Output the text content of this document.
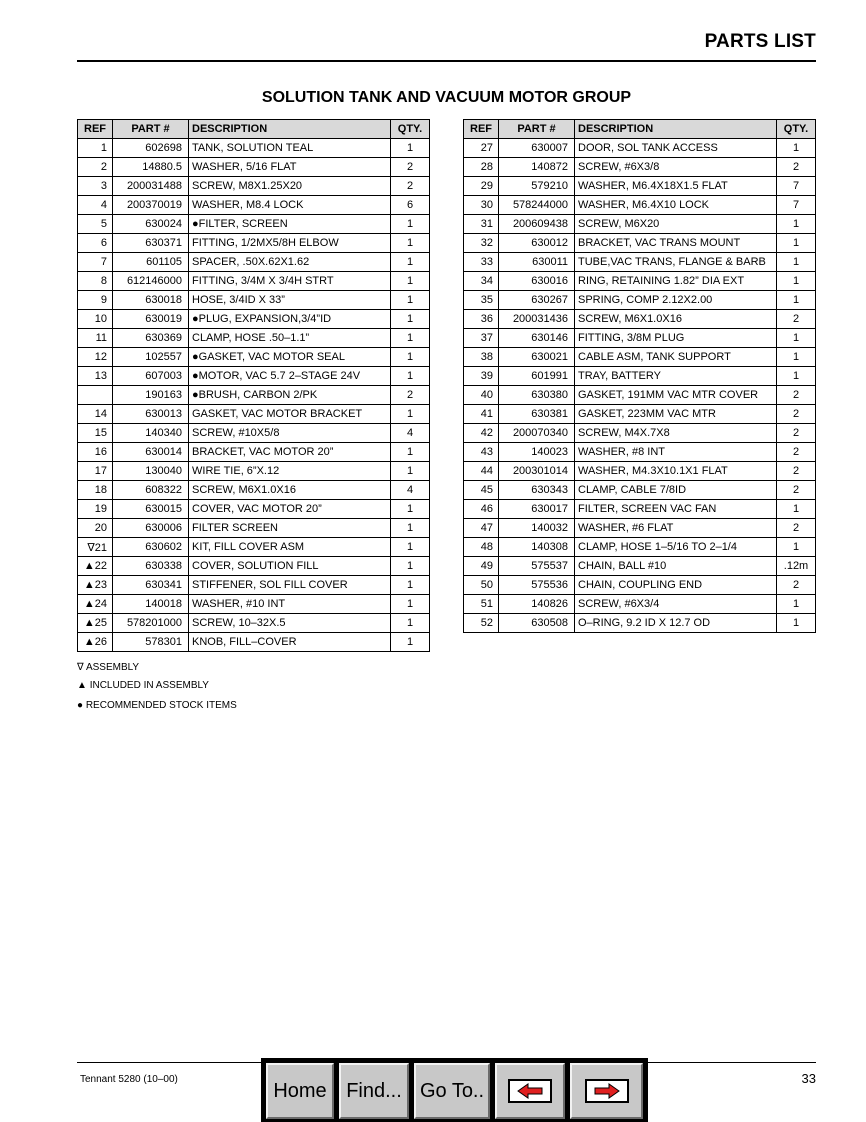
PARTS LIST
SOLUTION TANK AND VACUUM MOTOR GROUP
REF	PART #	DESCRIPTION	QTY.
1	602698	TANK, SOLUTION TEAL	1
2	14880.5	WASHER, 5/16 FLAT	2
3	200031488	SCREW, M8X1.25X20	2
4	200370019	WASHER, M8.4 LOCK	6
5	630024	●FILTER, SCREEN	1
6	630371	FITTING, 1/2MX5/8H ELBOW	1
7	601105	SPACER, .50X.62X1.62	1
8	612146000	FITTING, 3/4M X 3/4H STRT	1
9	630018	HOSE, 3/4ID X 33”	1
10	630019	●PLUG, EXPANSION,3/4”ID	1
11	630369	CLAMP, HOSE .50–1.1”	1
12	102557	●GASKET, VAC MOTOR SEAL	1
13	607003	●MOTOR, VAC 5.7 2–STAGE 24V	1
	190163	●BRUSH, CARBON 2/PK	2
14	630013	GASKET, VAC MOTOR BRACKET	1
15	140340	SCREW, #10X5/8	4
16	630014	BRACKET, VAC MOTOR 20”	1
17	130040	WIRE TIE, 6”X.12	1
18	608322	SCREW, M6X1.0X16	4
19	630015	COVER, VAC MOTOR 20”	1
20	630006	FILTER SCREEN	1
∇21	630602	KIT, FILL COVER ASM	1
▲22	630338	COVER, SOLUTION FILL	1
▲23	630341	STIFFENER, SOL FILL COVER	1
▲24	140018	WASHER, #10 INT	1
▲25	578201000	SCREW, 10–32X.5	1
▲26	578301	KNOB, FILL–COVER	1
REF	PART #	DESCRIPTION	QTY.
27	630007	DOOR, SOL TANK ACCESS	1
28	140872	SCREW, #6X3/8	2
29	579210	WASHER, M6.4X18X1.5 FLAT	7
30	578244000	WASHER, M6.4X10 LOCK	7
31	200609438	SCREW, M6X20	1
32	630012	BRACKET, VAC TRANS MOUNT	1
33	630011	TUBE,VAC TRANS, FLANGE & BARB	1
34	630016	RING, RETAINING 1.82” DIA EXT	1
35	630267	SPRING, COMP 2.12X2.00	1
36	200031436	SCREW, M6X1.0X16	2
37	630146	FITTING, 3/8M PLUG	1
38	630021	CABLE ASM, TANK SUPPORT	1
39	601991	TRAY, BATTERY	1
40	630380	GASKET, 191MM VAC MTR COVER	2
41	630381	GASKET, 223MM VAC MTR	2
42	200070340	SCREW, M4X.7X8	2
43	140023	WASHER, #8 INT	2
44	200301014	WASHER, M4.3X10.1X1 FLAT	2
45	630343	CLAMP, CABLE 7/8ID	2
46	630017	FILTER, SCREEN VAC FAN	1
47	140032	WASHER, #6 FLAT	2
48	140308	CLAMP, HOSE 1–5/16 TO 2–1/4	1
49	575537	CHAIN, BALL #10	.12m
50	575536	CHAIN, COUPLING END	2
51	140826	SCREW, #6X3/4	1
52	630508	O–RING, 9.2 ID X 12.7 OD	1
∇ ASSEMBLY
▲ INCLUDED IN ASSEMBLY
● RECOMMENDED STOCK ITEMS
Tennant 5280 (10–00)	33
Home Find... Go To..
